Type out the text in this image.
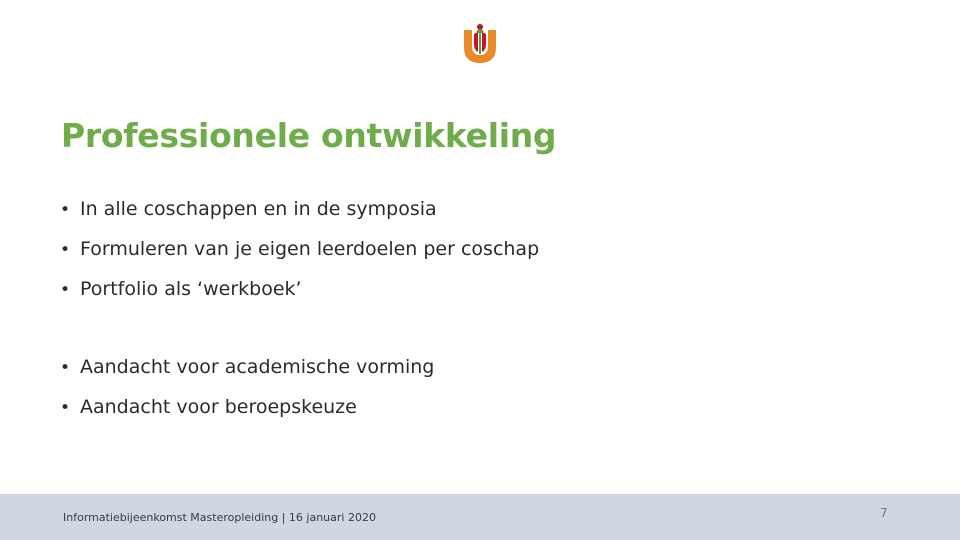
Professionele ontwikkeling
• In alle coschappen en in de symposia
• Formuleren van je eigen leerdoelen per coschap
• Portfolio als ‘werkboek’
• Aandacht voor academische vorming
• Aandacht voor beroepskeuze
Informatiebijeenkomst Masteropleiding | 16 januari 2020	7
